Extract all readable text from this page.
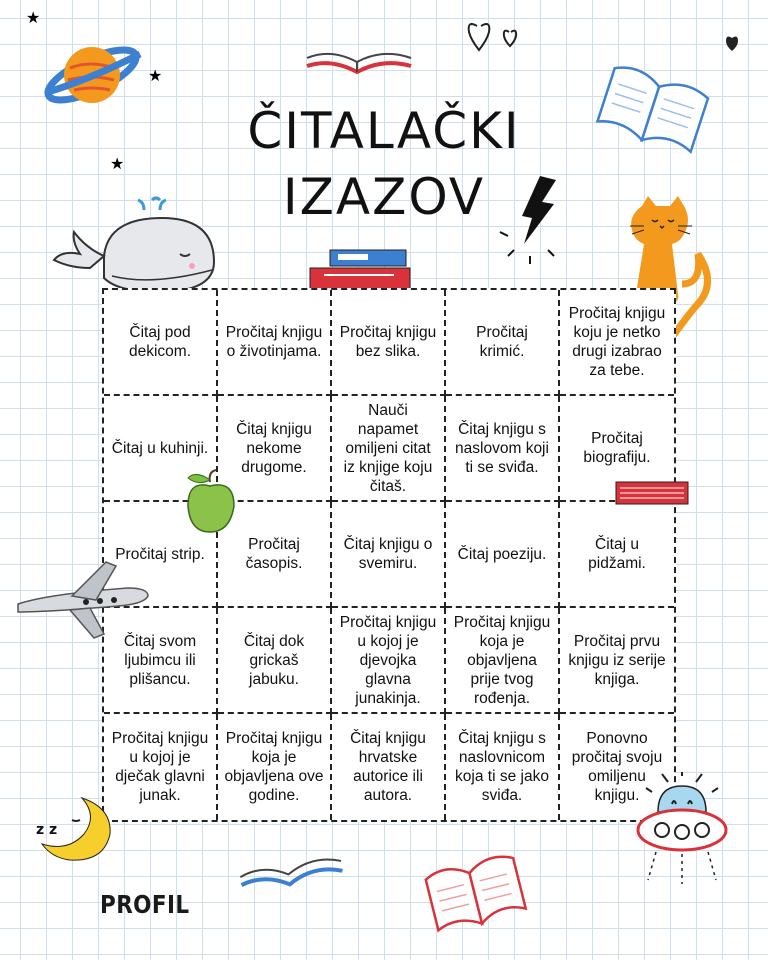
ČITALAČKI
IZAZOV
★
★
★
Čitaj pod dekicom.
Pročitaj knjigu o životinjama.
Pročitaj knjigu bez slika.
Pročitaj krimić.
Pročitaj knjigu koju je netko drugi izabrao za tebe.
Čitaj u kuhinji.
Čitaj knjigu nekome drugome.
Nauči napamet omiljeni citat iz knjige koju čitaš.
Čitaj knjigu s naslovom koji ti se sviđa.
Pročitaj biografiju.
Pročitaj strip.
Pročitaj časopis.
Čitaj knjigu o svemiru.
Čitaj poeziju.
Čitaj u pidžami.
Čitaj svom ljubimcu ili plišancu.
Čitaj dok grickaš jabuku.
Pročitaj knjigu u kojoj je djevojka glavna junakinja.
Pročitaj knjigu koja je objavljena prije tvog rođenja.
Pročitaj prvu knjigu iz serije knjiga.
Pročitaj knjigu u kojoj je dječak glavni junak.
Pročitaj knjigu koja je objavljena ove godine.
Čitaj knjigu hrvatske autorice ili autora.
Čitaj knjigu s naslovnicom koja ti se jako sviđa.
Ponovno pročitaj svoju omiljenu knjigu.
z z
PROFIL
